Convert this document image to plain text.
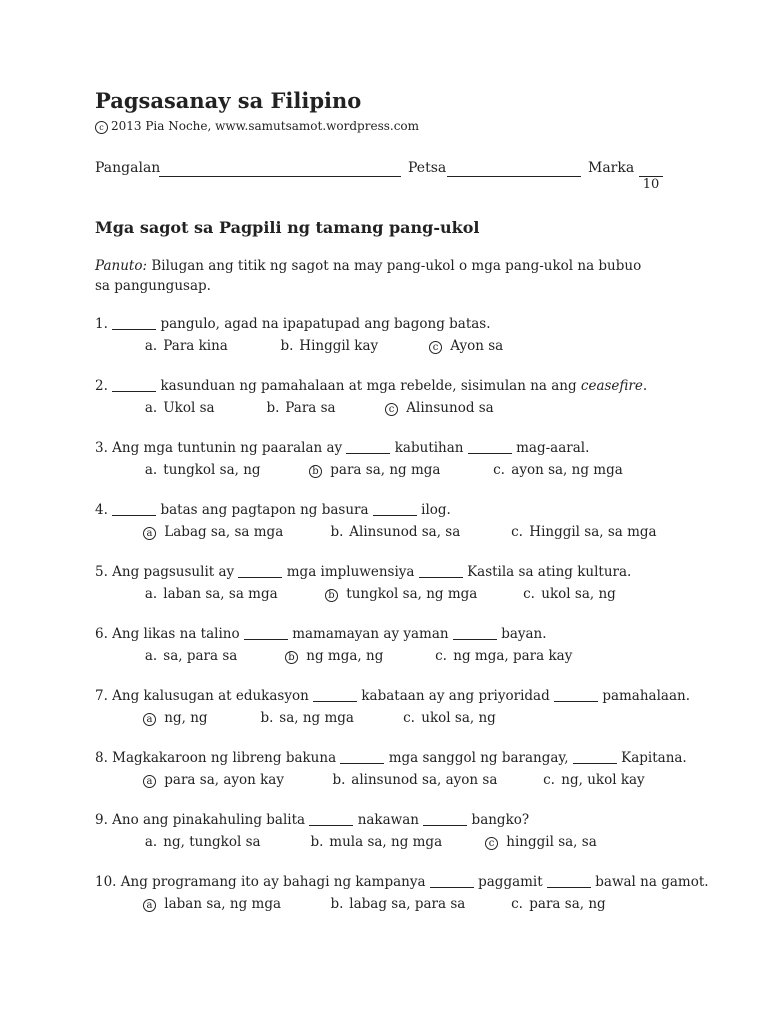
Pagsasanay sa Filipino
c 2013 Pia Noche, www.samutsamot.wordpress.com
Pangalan	Petsa	Marka
10
Mga sagot sa Pagpili ng tamang pang-ukol
Panuto: Bilugan ang titik ng sagot na may pang-ukol o mga pang-ukol na bubuo sa pangungusap.
1.	pangulo, agad na ipapatupad ang bagong batas.
a. Para kina	b. Hinggil kay	c Ayon sa
2.	kasunduan ng pamahalaan at mga rebelde, sisimulan na ang ceasefire.
a. Ukol sa	b. Para sa	c Alinsunod sa
3. Ang mga tuntunin ng paaralan ay	kabutihan	mag-aaral.
a. tungkol sa, ng	b para sa, ng mga	c. ayon sa, ng mga
4.	batas ang pagtapon ng basura	ilog.
a Labag sa, sa mga	b. Alinsunod sa, sa	c. Hinggil sa, sa mga
5. Ang pagsusulit ay	mga impluwensiya	Kastila sa ating kultura.
a. laban sa, sa mga	b tungkol sa, ng mga	c. ukol sa, ng
6. Ang likas na talino	mamamayan ay yaman	bayan.
a. sa, para sa	b ng mga, ng	c. ng mga, para kay
7. Ang kalusugan at edukasyon	kabataan ay ang priyoridad	pamahalaan.
a ng, ng	b. sa, ng mga	c. ukol sa, ng
8. Magkakaroon ng libreng bakuna	mga sanggol ng barangay,	Kapitana.
a para sa, ayon kay	b. alinsunod sa, ayon sa	c. ng, ukol kay
9. Ano ang pinakahuling balita	nakawan	bangko?
a. ng, tungkol sa	b. mula sa, ng mga	c hinggil sa, sa
10. Ang programang ito ay bahagi ng kampanya	paggamit	bawal na gamot.
a laban sa, ng mga	b. labag sa, para sa	c. para sa, ng
